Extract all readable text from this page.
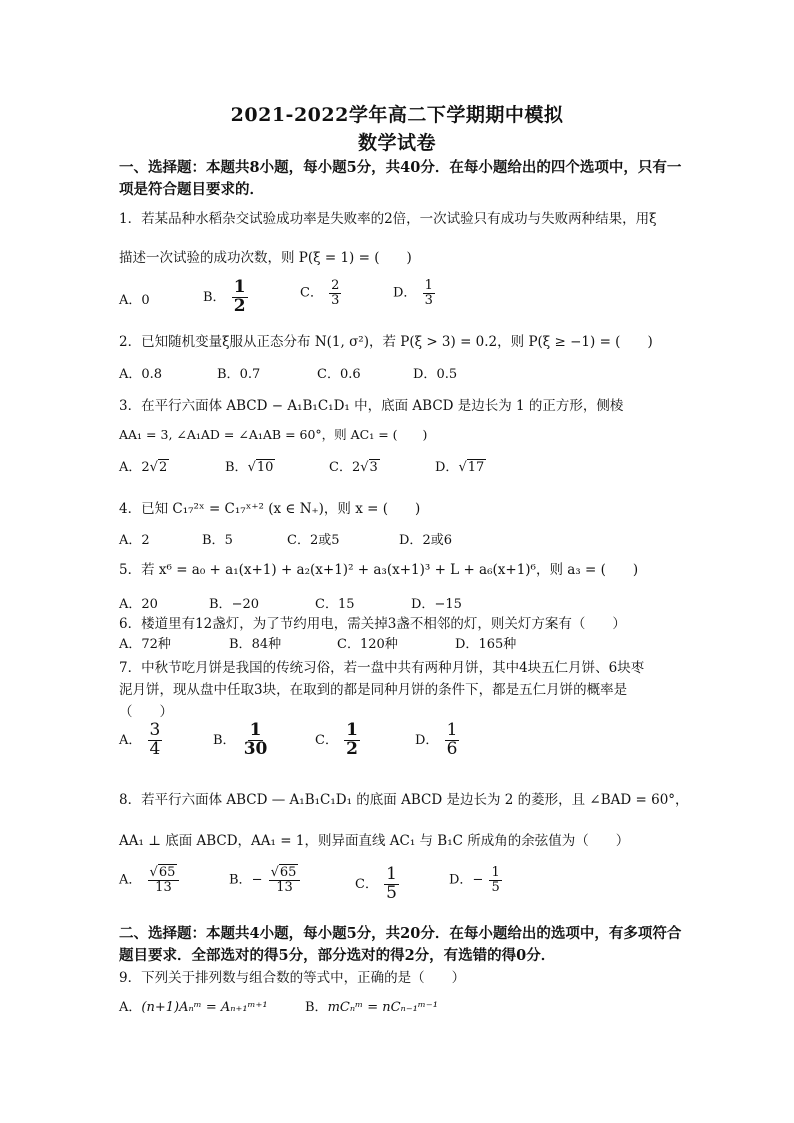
2021-2022学年高二下学期期中模拟
数学试卷
一、选择题：本题共8小题，每小题5分，共40分．在每小题给出的四个选项中，只有一
项是符合题目要求的．
1．若某品种水稻杂交试验成功率是失败率的2倍，一次试验只有成功与失败两种结果，用ξ
描述一次试验的成功次数，则 P(ξ = 1) = (　　)
A．0	B． $\frac{1}{2}$	C． $\frac{2}{3}$	D． $\frac{1}{3}$
2．已知随机变量ξ服从正态分布 N(1, σ²)，若 P(ξ > 3) = 0.2，则 P(ξ ≥ −1) = (　　)
A．0.8	B．0.7	C．0.6	D．0.5
3．在平行六面体 ABCD − A₁B₁C₁D₁ 中，底面 ABCD 是边长为 1 的正方形，侧棱
AA₁ = 3, ∠A₁AD = ∠A₁AB = 60°，则 AC₁ = (　　)
A．2√2	B．√10	C．2√3	D．√17
4．已知 C₁₇²ˣ = C₁₇ˣ⁺² (x ∈ N₊)，则 x = (　　)
A．2	B．5	C．2或5	D．2或6
5．若 x⁶ = a₀ + a₁(x+1) + a₂(x+1)² + a₃(x+1)³ + L + a₆(x+1)⁶，则 a₃ = (　　)
A．20	B．−20	C．15	D．−15
6．楼道里有12盏灯，为了节约用电，需关掉3盏不相邻的灯，则关灯方案有（　　）
A．72种	B．84种	C．120种	D．165种
7．中秋节吃月饼是我国的传统习俗，若一盘中共有两种月饼，其中4块五仁月饼、6块枣
泥月饼，现从盘中任取3块，在取到的都是同种月饼的条件下，都是五仁月饼的概率是
（　　）
A． $\frac{3}{4}$	B． $\frac{1}{30}$	C． $\frac{1}{2}$	D． $\frac{1}{6}$
8．若平行六面体 ABCD — A₁B₁C₁D₁ 的底面 ABCD 是边长为 2 的菱形，且 ∠BAD = 60°，
AA₁ ⊥ 底面 ABCD，AA₁ = 1，则异面直线 AC₁ 与 B₁C 所成角的余弦值为（　　）
A． $\frac{√65}{13}$	B．− $\frac{√65}{13}$	C． $\frac{1}{5}$	D．− $\frac{1}{5}$
二、选择题：本题共4小题，每小题5分，共20分．在每小题给出的选项中，有多项符合
题目要求．全部选对的得5分，部分选对的得2分，有选错的得0分．
9．下列关于排列数与组合数的等式中，正确的是（　　）
A．(n+1)Aₙᵐ = Aₙ₊₁ᵐ⁺¹	B．mCₙᵐ = nCₙ₋₁ᵐ⁻¹
